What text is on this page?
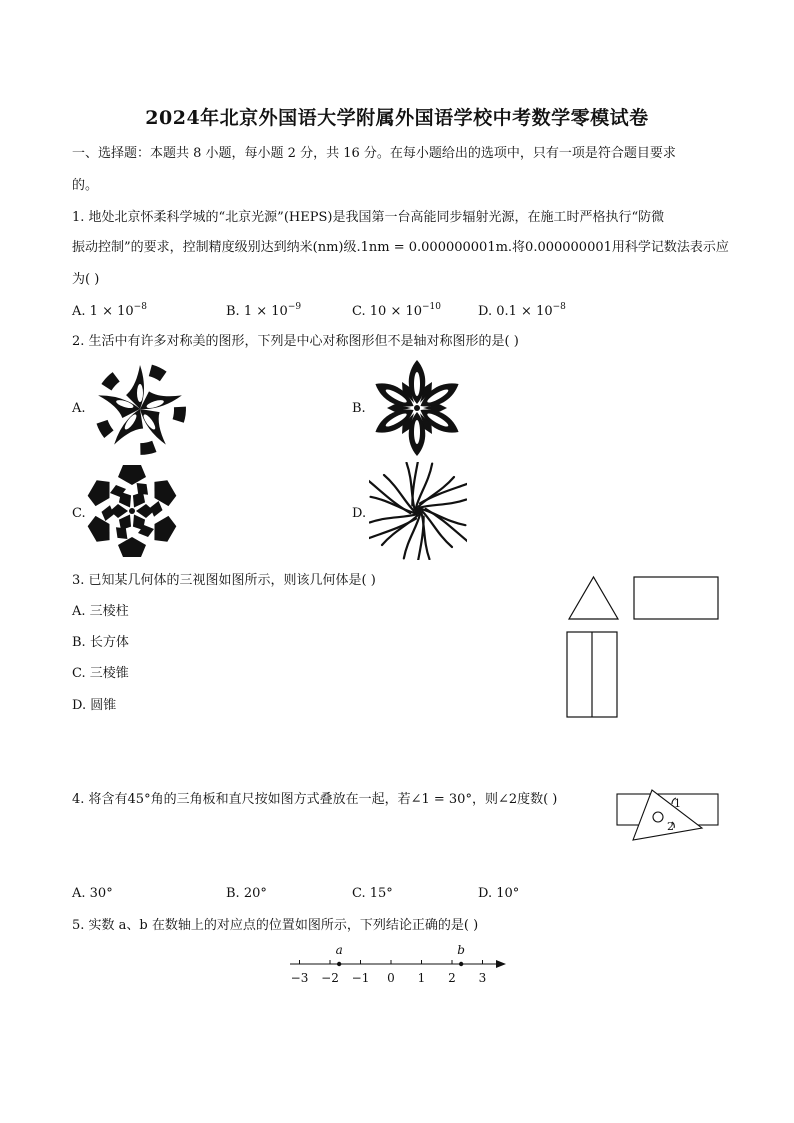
2024年北京外国语大学附属外国语学校中考数学零模试卷
一、选择题：本题共 8 小题，每小题 2 分，共 16 分。在每小题给出的选项中，只有一项是符合题目要求
的。
1. 地处北京怀柔科学城的“北京光源”(HEPS)是我国第一台高能同步辐射光源，在施工时严格执行“防微
振动控制”的要求，控制精度级别达到纳米(nm)级.1nm = 0.000000001m.将0.000000001用科学记数法表示应
为( )
A. $1 \times 10^{-8}$	B. $1 \times 10^{-9}$	C. $10 \times 10^{-10}$	D. $0.1 \times 10^{-8}$
2. 生活中有许多对称美的图形，下列是中心对称图形但不是轴对称图形的是( )
A.	B.
C.	D.
3. 已知某几何体的三视图如图所示，则该几何体是( )
A. 三棱柱
B. 长方体
C. 三棱锥
D. 圆锥
4. 将含有45°角的三角板和直尺按如图方式叠放在一起，若∠1 = 30°，则∠2度数( )	1
2
A. 30°	B. 20°	C. 15°	D. 10°
5. 实数 a、b 在数轴上的对应点的位置如图所示，下列结论正确的是( )
−3 −2 −1 0 1 2 3
a	b
